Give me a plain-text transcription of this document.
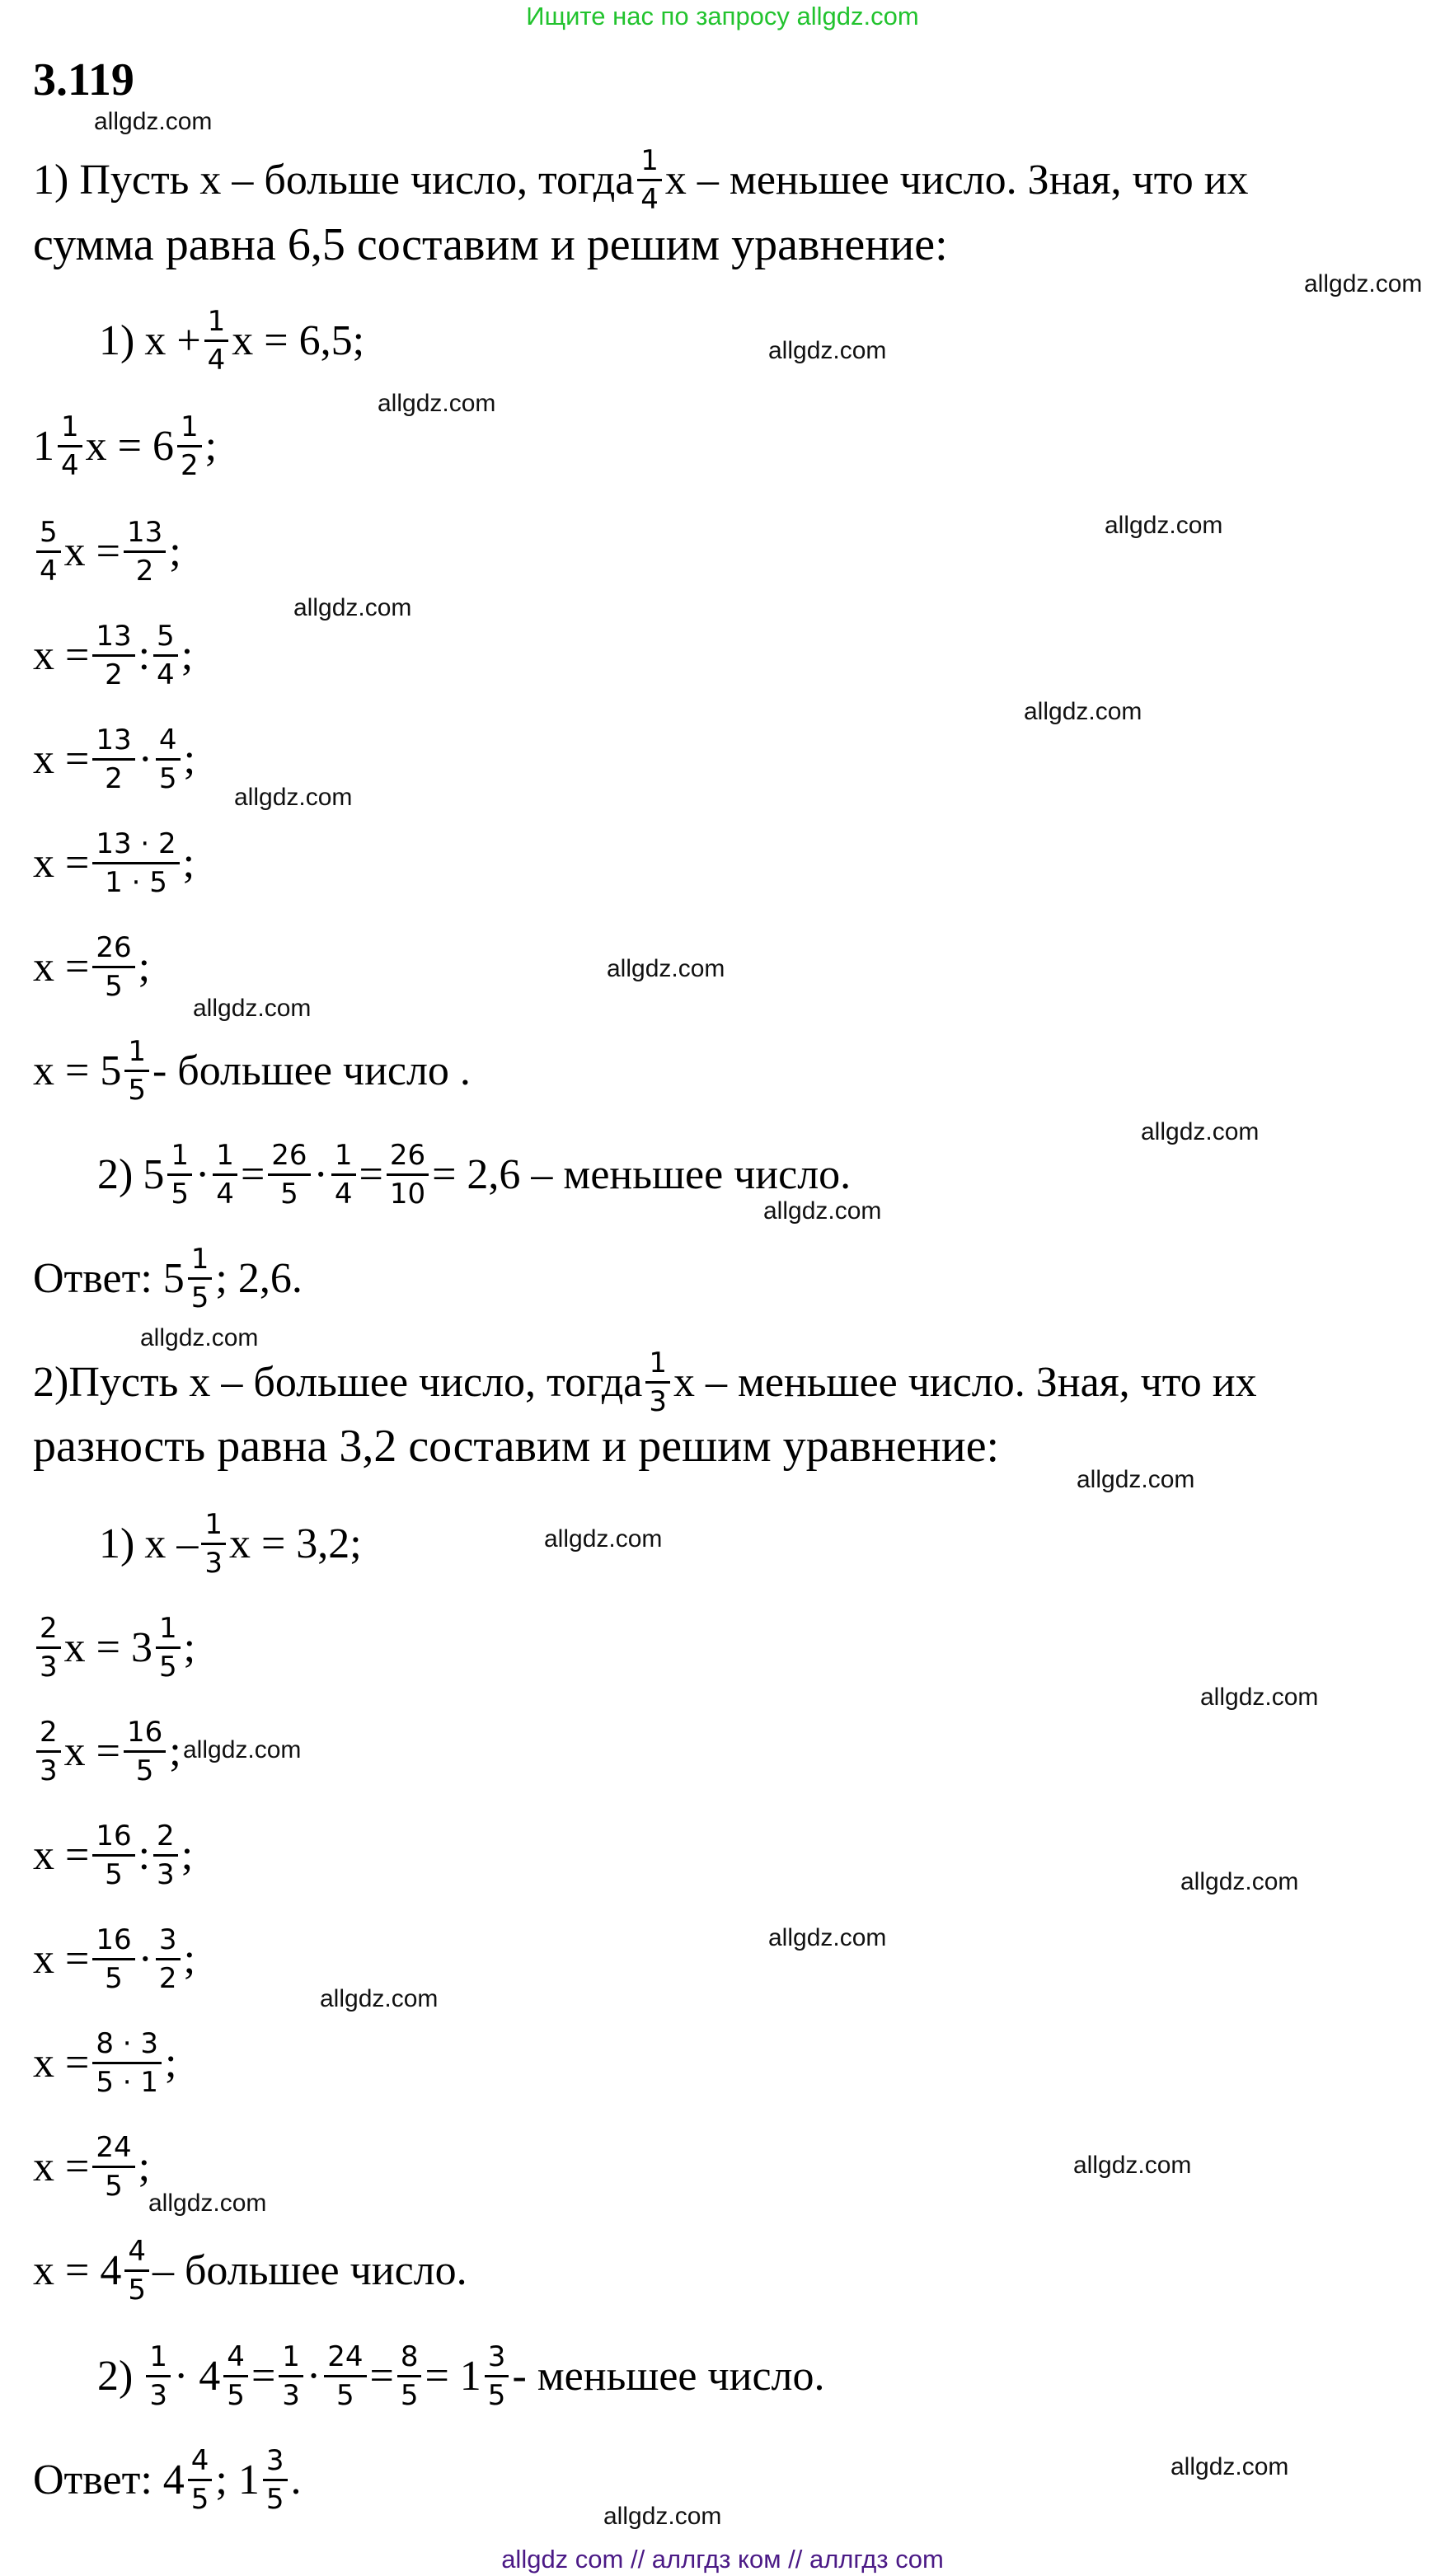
Ищите нас по запросу allgdz.com
3.119
allgdz.com
allgdz.com
allgdz.com
allgdz.com
allgdz.com
allgdz.com
allgdz.com
allgdz.com
allgdz.com
allgdz.com
allgdz.com
allgdz.com
allgdz.com
allgdz.com
allgdz.com
allgdz.com
allgdz.com
allgdz.com
allgdz.com
allgdz.com
allgdz.com
allgdz.com
allgdz.com
allgdz.com
1) Пусть x – больше число, тогда $\frac{1}{4}$ x – меньшее число. Зная, что их
сумма равна 6,5 составим и решим уравнение:
1) $x + \frac{1}{4}$ x = 6,5;
$1 \frac{1}{4}$ $x = 6 \frac{1}{2}$ ;
$\frac{5}{4}$ $x = \frac{13}{2}$ ;
$x = \frac{13}{2}$ : $\frac{5}{4}$ ;
$x = \frac{13}{2} \cdot \frac{4}{5}$ ;
$x = \frac{13 \cdot 2}{1 \cdot 5}$ ;
$x = \frac{26}{5}$ ;
$x = 5 \frac{1}{5}$ - большее число .
2) $5 \frac{1}{5} \cdot \frac{1}{4} = \frac{26}{5} \cdot \frac{1}{4} = \frac{26}{10} = 2,6$ – меньшее число.
Ответ: $5 \frac{1}{5}$ ; 2,6.
2)Пусть x – большее число, тогда $\frac{1}{3}$ x – меньшее число. Зная, что их
разность равна 3,2 составим и решим уравнение:
1) x – $\frac{1}{3}$ x = 3,2;
$\frac{2}{3}$ $x = 3 \frac{1}{5}$ ;
$\frac{2}{3}$ $x = \frac{16}{5}$ ;
$x = \frac{16}{5}$ : $\frac{2}{3}$ ;
$x = \frac{16}{5} \cdot \frac{3}{2}$ ;
$x = \frac{8 \cdot 3}{5 \cdot 1}$ ;
$x = \frac{24}{5}$ ;
$x = 4 \frac{4}{5}$ – большее число.
$2) \frac{1}{3} \cdot 4 \frac{4}{5} = \frac{1}{3} \cdot \frac{24}{5} = \frac{8}{5} = 1 \frac{3}{5}$ - меньшее число.
Ответ: $4 \frac{4}{5}$ ; $1 \frac{3}{5}$ .
allgdz com // аллгдз ком // аллгдз com
